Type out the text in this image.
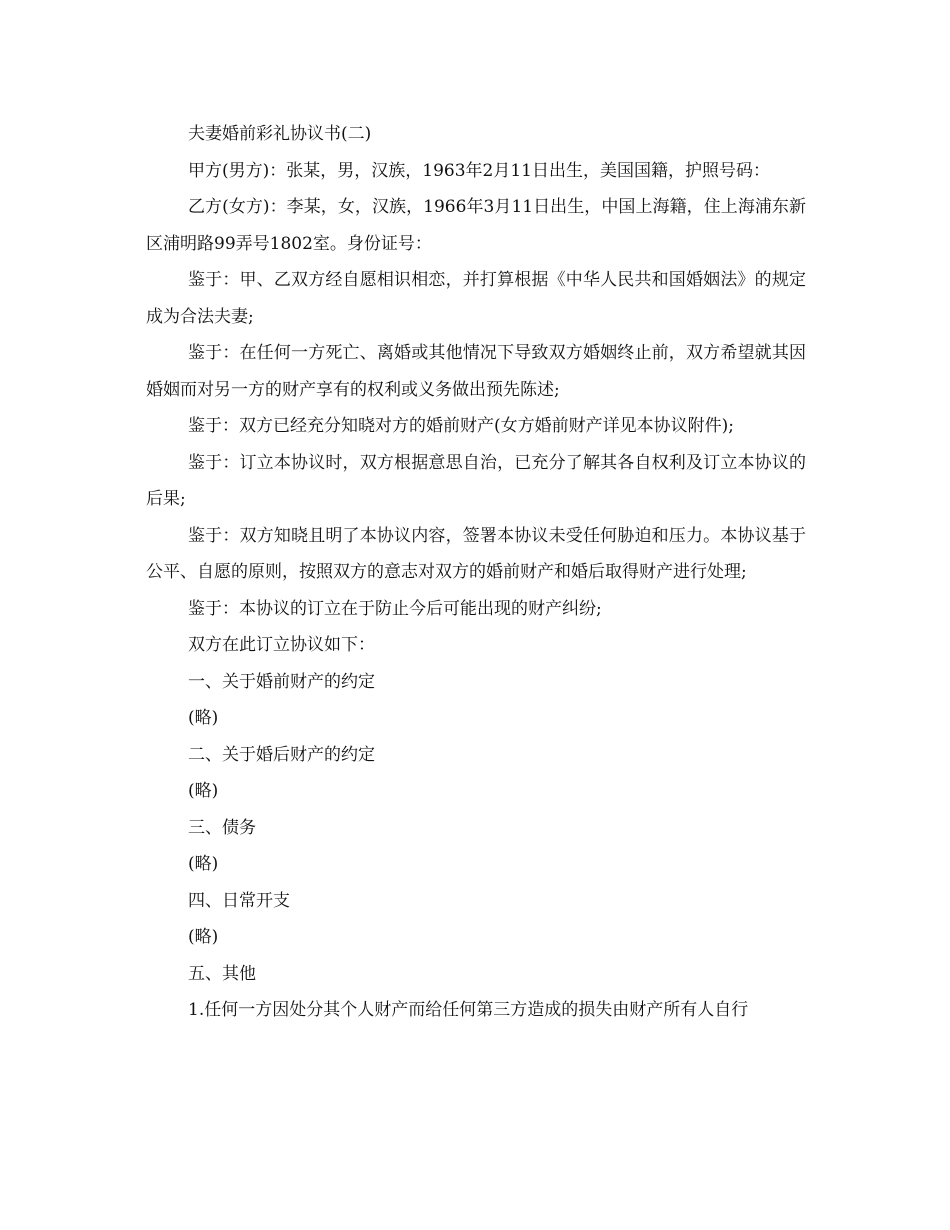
夫妻婚前彩礼协议书(二)

甲方(男方)：张某，男，汉族，1963年2月11日出生，美国国籍，护照号码：

乙方(女方)：李某，女，汉族，1966年3月11日出生，中国上海籍，住上海浦东新区浦明路99弄号1802室。身份证号：

鉴于：甲、乙双方经自愿相识相恋，并打算根据《中华人民共和国婚姻法》的规定成为合法夫妻;

鉴于：在任何一方死亡、离婚或其他情况下导致双方婚姻终止前，双方希望就其因婚姻而对另一方的财产享有的权利或义务做出预先陈述;

鉴于：双方已经充分知晓对方的婚前财产(女方婚前财产详见本协议附件);

鉴于：订立本协议时，双方根据意思自治，已充分了解其各自权利及订立本协议的后果;

鉴于：双方知晓且明了本协议内容，签署本协议未受任何胁迫和压力。本协议基于公平、自愿的原则，按照双方的意志对双方的婚前财产和婚后取得财产进行处理;

鉴于：本协议的订立在于防止今后可能出现的财产纠纷;

双方在此订立协议如下：

一、关于婚前财产的约定

(略)

二、关于婚后财产的约定

(略)

三、债务

(略)

四、日常开支

(略)

五、其他

1.任何一方因处分其个人财产而给任何第三方造成的损失由财产所有人自行
